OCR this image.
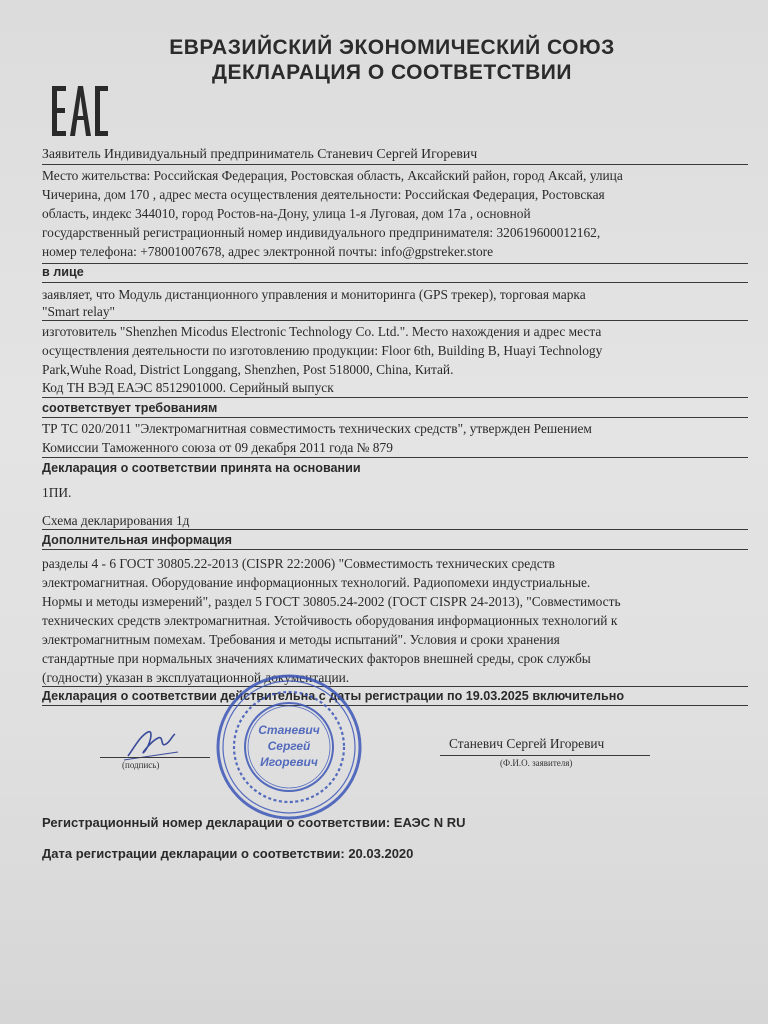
ЕВРАЗИЙСКИЙ ЭКОНОМИЧЕСКИЙ СОЮЗ
ДЕКЛАРАЦИЯ О СООТВЕТСТВИИ
Заявитель Индивидуальный предприниматель Станевич Сергей Игоревич
Место жительства: Российская Федерация, Ростовская область, Аксайский район, город Аксай, улица
Чичерина, дом 170 , адрес места осуществления деятельности: Российская Федерация, Ростовская
область, индекс 344010, город Ростов-на-Дону, улица 1-я Луговая, дом 17а , основной
государственный регистрационный номер индивидуального предпринимателя: 320619600012162,
номер телефона: +78001007678, адрес электронной почты: info@gpstreker.store
в лице
заявляет, что Модуль дистанционного управления и мониторинга (GPS трекер), торговая марка
"Smart relay"
изготовитель "Shenzhen Micodus Electronic Technology Co. Ltd.". Место нахождения и адрес места
осуществления деятельности по изготовлению продукции: Floor 6th, Building B, Huayi Technology
Park,Wuhe Road, District Longgang, Shenzhen, Post 518000, China, Китай.
Код ТН ВЭД ЕАЭС 8512901000. Серийный выпуск
соответствует требованиям
ТР ТС 020/2011 "Электромагнитная совместимость технических средств", утвержден Решением
Комиссии Таможенного союза от 09 декабря 2011 года № 879
Декларация о соответствии принята на основании
1ПИ.
Схема декларирования 1д
Дополнительная информация
разделы 4 - 6 ГОСТ 30805.22-2013 (CISPR 22:2006) "Совместимость технических средств
электромагнитная. Оборудование информационных технологий. Радиопомехи индустриальные.
Нормы и методы измерений", раздел 5 ГОСТ 30805.24-2002 (ГОСТ CISPR 24-2013), "Совместимость
технических средств электромагнитная. Устойчивость оборудования информационных технологий к
электромагнитным помехам. Требования и методы испытаний". Условия и сроки хранения
стандартные при нормальных значениях климатических факторов внешней среды, срок службы
(годности) указан в эксплуатационной документации.
Декларация о соответствии действительна с даты регистрации по 19.03.2025 включительно
(подпись)
Станевич Сергей Игоревич
(Ф.И.О. заявителя)
Станевич
Сергей
Игоревич
Регистрационный номер декларации о соответствии: ЕАЭС N RU
Дата регистрации декларации о соответствии: 20.03.2020
